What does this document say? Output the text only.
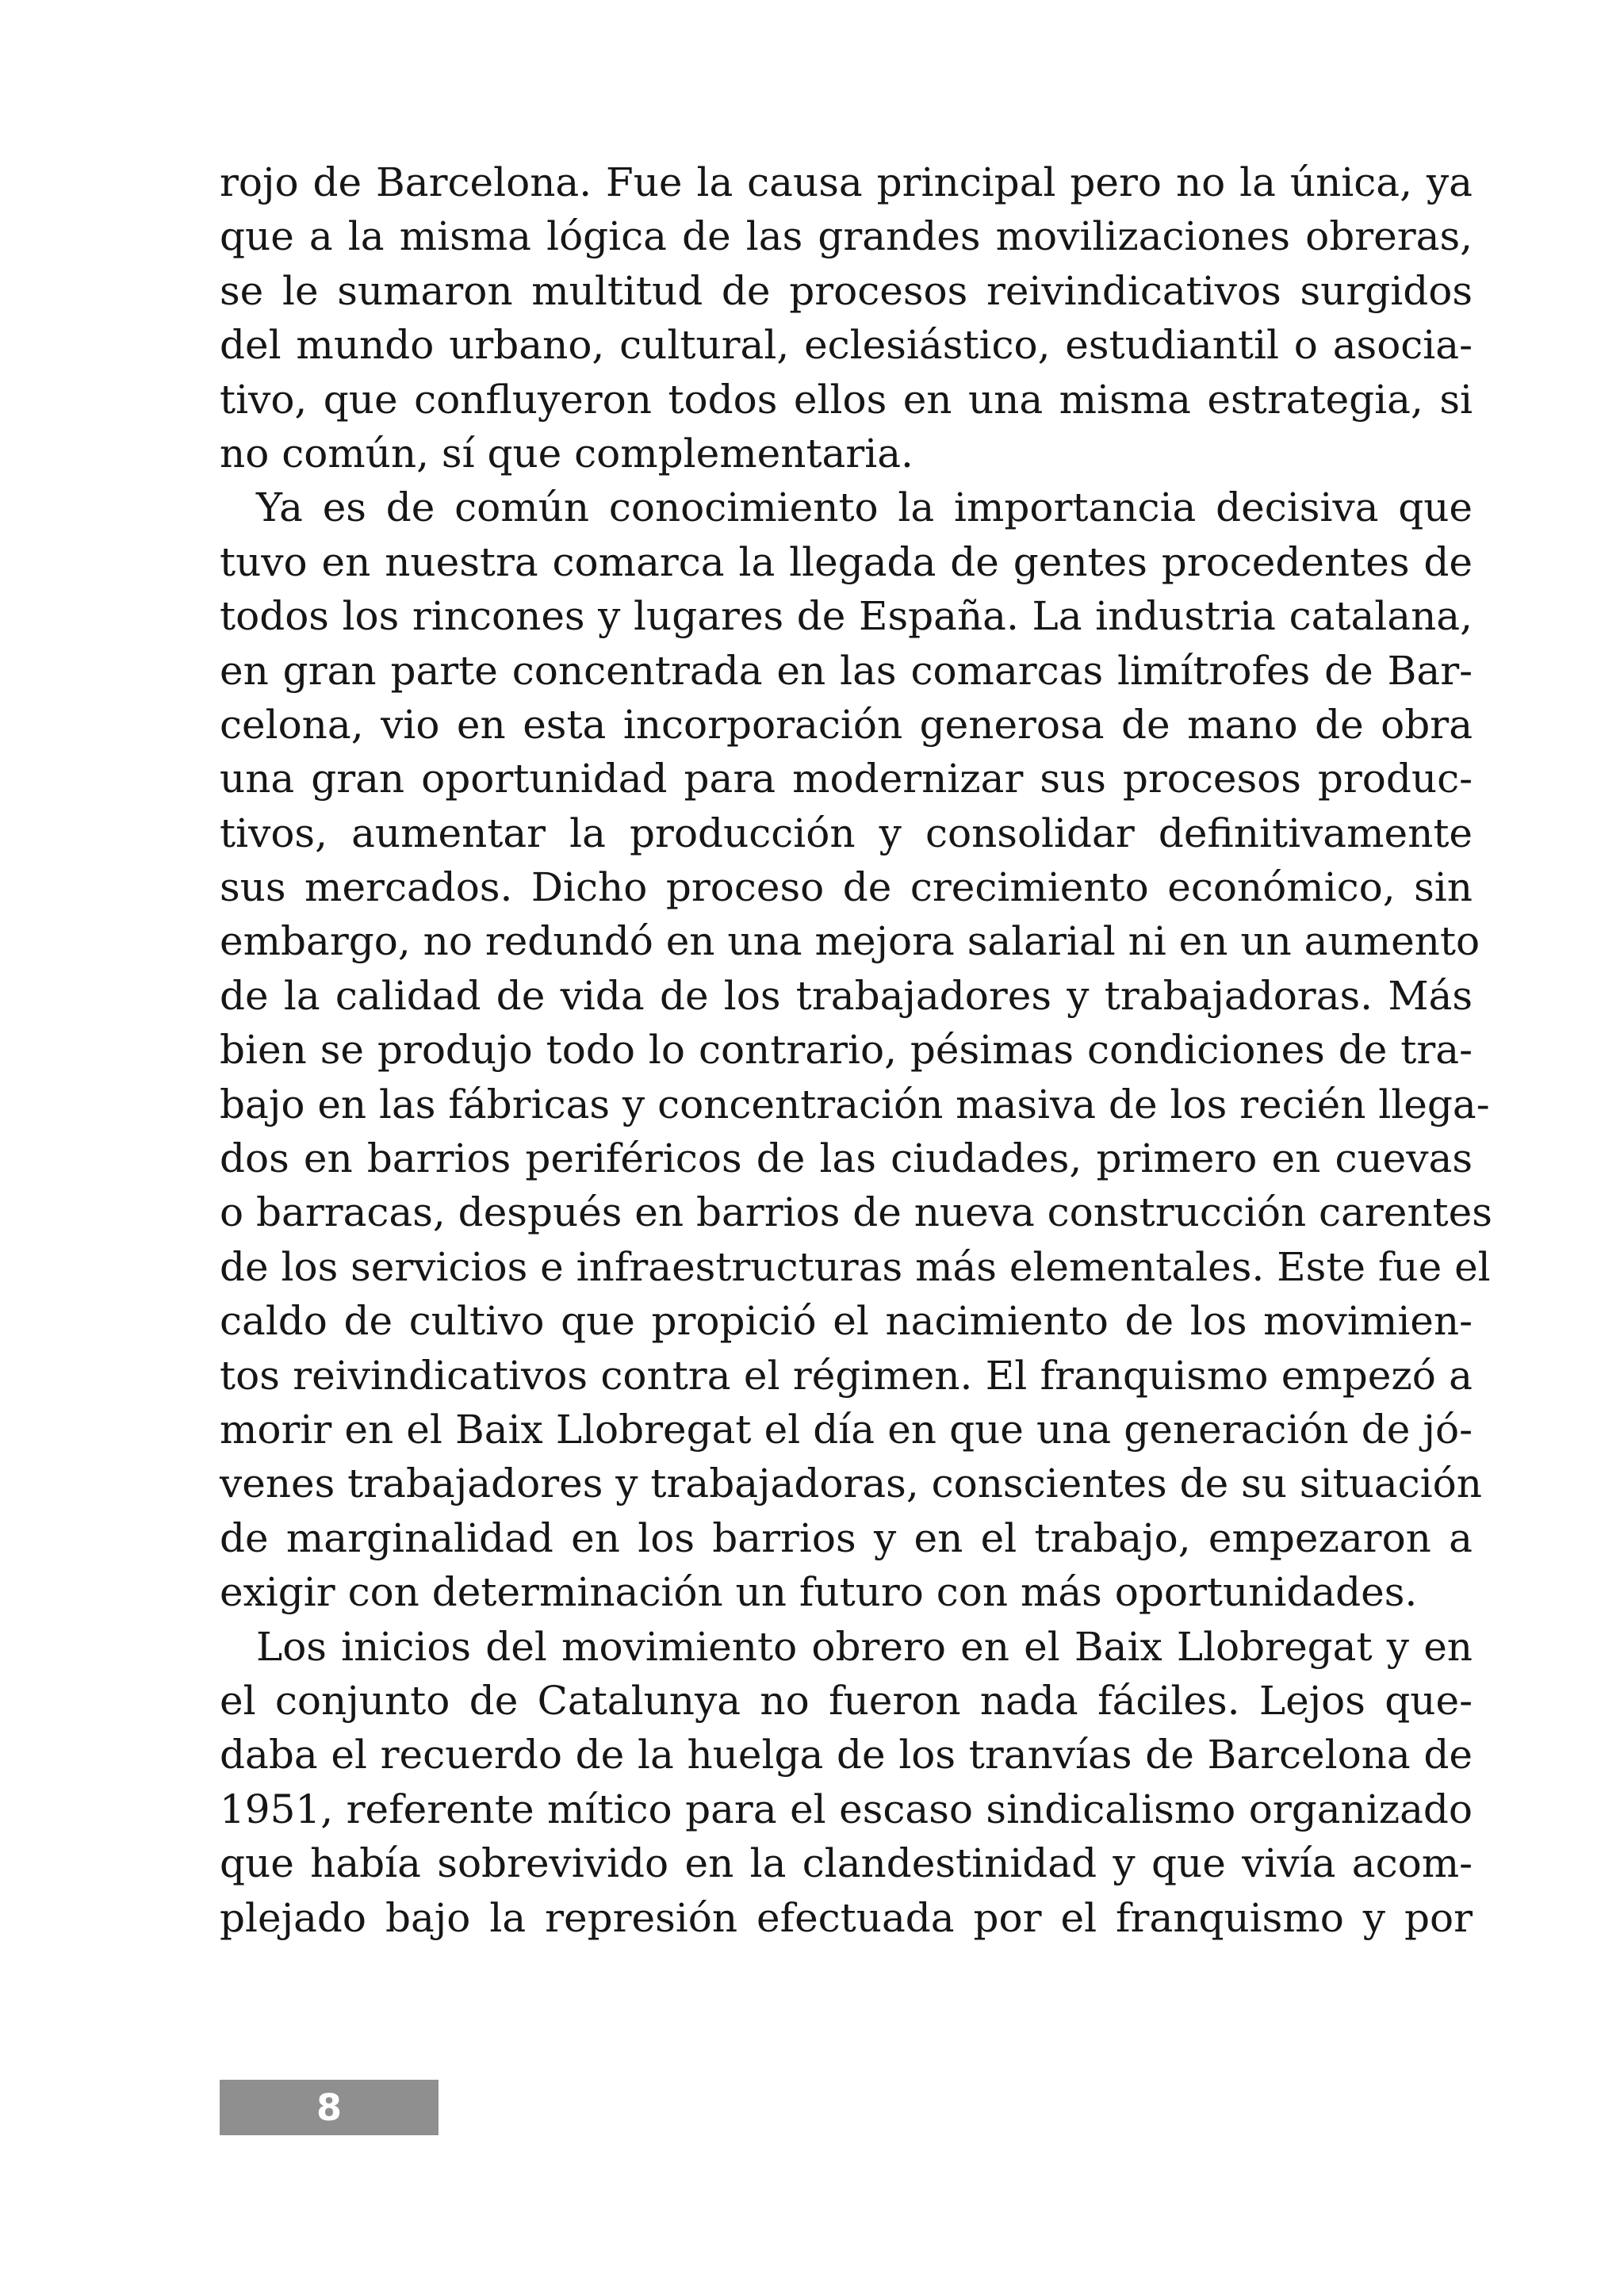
rojo de Barcelona. Fue la causa principal pero no la única, ya
que a la misma lógica de las grandes movilizaciones obreras,
se le sumaron multitud de procesos reivindicativos surgidos
del mundo urbano, cultural, eclesiástico, estudiantil o asocia-
tivo, que confluyeron todos ellos en una misma estrategia, si
no común, sí que complementaria.
Ya es de común conocimiento la importancia decisiva que
tuvo en nuestra comarca la llegada de gentes procedentes de
todos los rincones y lugares de España. La industria catalana,
en gran parte concentrada en las comarcas limítrofes de Bar-
celona, vio en esta incorporación generosa de mano de obra
una gran oportunidad para modernizar sus procesos produc-
tivos, aumentar la producción y consolidar definitivamente
sus mercados. Dicho proceso de crecimiento económico, sin
embargo, no redundó en una mejora salarial ni en un aumento
de la calidad de vida de los trabajadores y trabajadoras. Más
bien se produjo todo lo contrario, pésimas condiciones de tra-
bajo en las fábricas y concentración masiva de los recién llega-
dos en barrios periféricos de las ciudades, primero en cuevas
o barracas, después en barrios de nueva construcción carentes
de los servicios e infraestructuras más elementales. Este fue el
caldo de cultivo que propició el nacimiento de los movimien-
tos reivindicativos contra el régimen. El franquismo empezó a
morir en el Baix Llobregat el día en que una generación de jó-
venes trabajadores y trabajadoras, conscientes de su situación
de marginalidad en los barrios y en el trabajo, empezaron a
exigir con determinación un futuro con más oportunidades.
Los inicios del movimiento obrero en el Baix Llobregat y en
el conjunto de Catalunya no fueron nada fáciles. Lejos que-
daba el recuerdo de la huelga de los tranvías de Barcelona de
1951, referente mítico para el escaso sindicalismo organizado
que había sobrevivido en la clandestinidad y que vivía acom-
plejado bajo la represión efectuada por el franquismo y por
8
